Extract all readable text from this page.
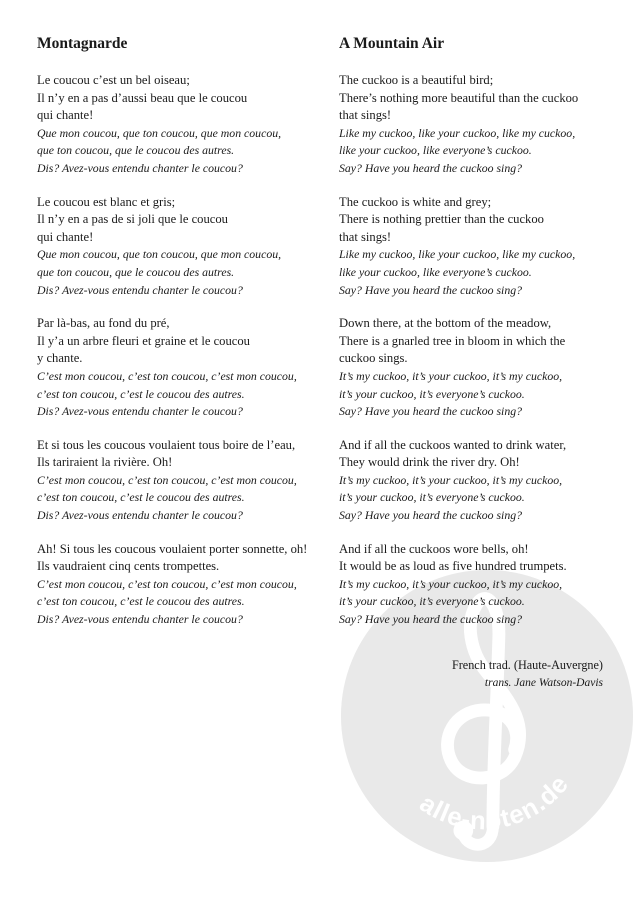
alle-noten.de
Montagnarde
Le coucou c’est un bel oiseau;
Il n’y en a pas d’aussi beau que le coucou
qui chante!
Que mon coucou, que ton coucou, que mon coucou,
que ton coucou, que le coucou des autres.
Dis? Avez-vous entendu chanter le coucou?
Le coucou est blanc et gris;
Il n’y en a pas de si joli que le coucou
qui chante!
Que mon coucou, que ton coucou, que mon coucou,
que ton coucou, que le coucou des autres.
Dis? Avez-vous entendu chanter le coucou?
Par là-bas, au fond du pré,
Il y’a un arbre fleuri et graine et le coucou
y chante.
C’est mon coucou, c’est ton coucou, c’est mon coucou,
c’est ton coucou, c’est le coucou des autres.
Dis? Avez-vous entendu chanter le coucou?
Et si tous les coucous voulaient tous boire de l’eau,
Ils tariraient la rivière. Oh!
C’est mon coucou, c’est ton coucou, c’est mon coucou,
c’est ton coucou, c’est le coucou des autres.
Dis? Avez-vous entendu chanter le coucou?
Ah! Si tous les coucous voulaient porter sonnette, oh!
Ils vaudraient cinq cents trompettes.
C’est mon coucou, c’est ton coucou, c’est mon coucou,
c’est ton coucou, c’est le coucou des autres.
Dis? Avez-vous entendu chanter le coucou?
A Mountain Air
The cuckoo is a beautiful bird;
There’s nothing more beautiful than the cuckoo
that sings!
Like my cuckoo, like your cuckoo, like my cuckoo,
like your cuckoo, like everyone’s cuckoo.
Say? Have you heard the cuckoo sing?
The cuckoo is white and grey;
There is nothing prettier than the cuckoo
that sings!
Like my cuckoo, like your cuckoo, like my cuckoo,
like your cuckoo, like everyone’s cuckoo.
Say? Have you heard the cuckoo sing?
Down there, at the bottom of the meadow,
There is a gnarled tree in bloom in which the
cuckoo sings.
It’s my cuckoo, it’s your cuckoo, it’s my cuckoo,
it’s your cuckoo, it’s everyone’s cuckoo.
Say? Have you heard the cuckoo sing?
And if all the cuckoos wanted to drink water,
They would drink the river dry. Oh!
It’s my cuckoo, it’s your cuckoo, it’s my cuckoo,
it’s your cuckoo, it’s everyone’s cuckoo.
Say? Have you heard the cuckoo sing?
And if all the cuckoos wore bells, oh!
It would be as loud as five hundred trumpets.
It’s my cuckoo, it’s your cuckoo, it’s my cuckoo,
it’s your cuckoo, it’s everyone’s cuckoo.
Say? Have you heard the cuckoo sing?
French trad. (Haute-Auvergne)
trans. Jane Watson-Davis
